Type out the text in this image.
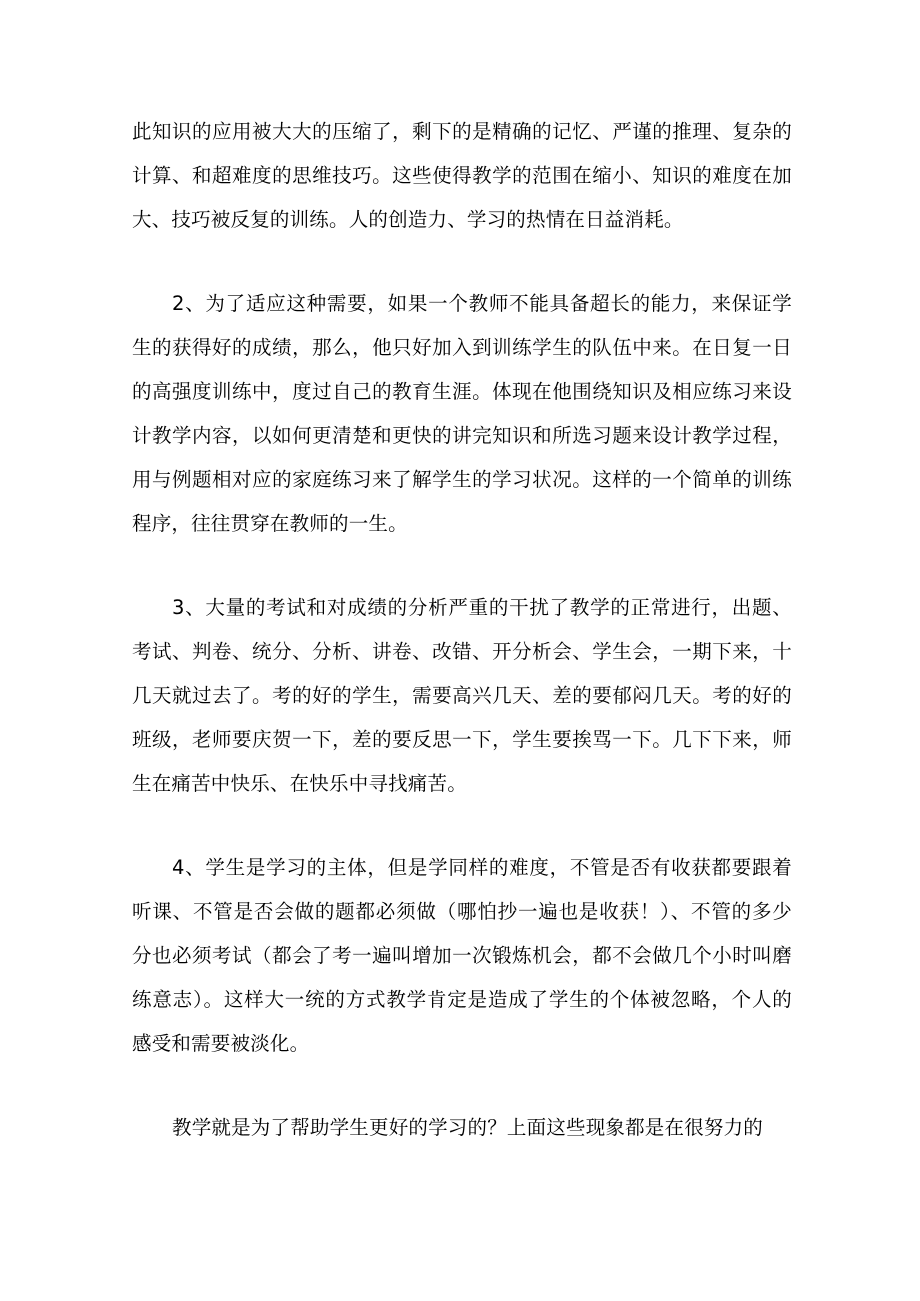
此知识的应用被大大的压缩了，剩下的是精确的记忆、严谨的推理、复杂的计算、和超难度的思维技巧。这些使得教学的范围在缩小、知识的难度在加大、技巧被反复的训练。人的创造力、学习的热情在日益消耗。

2、为了适应这种需要，如果一个教师不能具备超长的能力，来保证学生的获得好的成绩，那么，他只好加入到训练学生的队伍中来。在日复一日的高强度训练中，度过自己的教育生涯。体现在他围绕知识及相应练习来设计教学内容，以如何更清楚和更快的讲完知识和所选习题来设计教学过程，用与例题相对应的家庭练习来了解学生的学习状况。这样的一个简单的训练程序，往往贯穿在教师的一生。

3、大量的考试和对成绩的分析严重的干扰了教学的正常进行，出题、考试、判卷、统分、分析、讲卷、改错、开分析会、学生会，一期下来，十几天就过去了。考的好的学生，需要高兴几天、差的要郁闷几天。考的好的班级，老师要庆贺一下，差的要反思一下，学生要挨骂一下。几下下来，师生在痛苦中快乐、在快乐中寻找痛苦。

4、学生是学习的主体，但是学同样的难度，不管是否有收获都要跟着听课、不管是否会做的题都必须做（哪怕抄一遍也是收获！）、不管的多少分也必须考试（都会了考一遍叫增加一次锻炼机会，都不会做几个小时叫磨练意志）。这样大一统的方式教学肯定是造成了学生的个体被忽略，个人的感受和需要被淡化。

教学就是为了帮助学生更好的学习的？上面这些现象都是在很努力的
